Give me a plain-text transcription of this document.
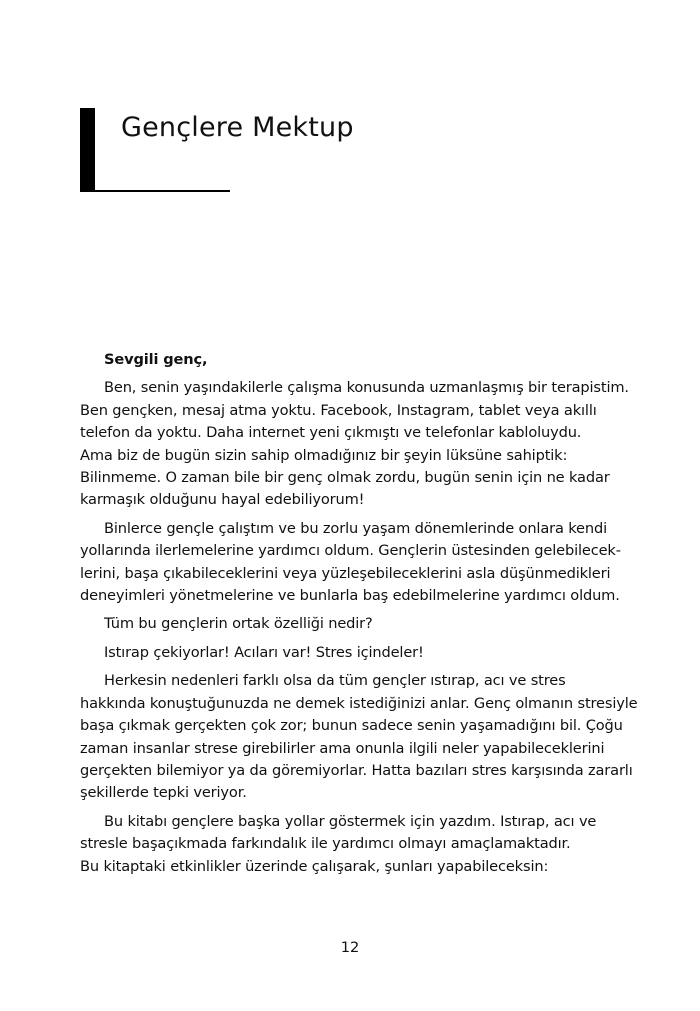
Gençlere Mektup

Sevgili genç,

Ben, senin yaşındakilerle çalışma konusunda uzmanlaşmış bir terapistim.
Ben gençken, mesaj atma yoktu. Facebook, Instagram, tablet veya akıllı
telefon da yoktu. Daha internet yeni çıkmıştı ve telefonlar kabloluydu.
Ama biz de bugün sizin sahip olmadığınız bir şeyin lüksüne sahiptik:
Bilinmeme. O zaman bile bir genç olmak zordu, bugün senin için ne kadar
karmaşık olduğunu hayal edebiliyorum!

Binlerce gençle çalıştım ve bu zorlu yaşam dönemlerinde onlara kendi
yollarında ilerlemelerine yardımcı oldum. Gençlerin üstesinden gelebilecek-
lerini, başa çıkabileceklerini veya yüzleşebileceklerini asla düşünmedikleri
deneyimleri yönetmelerine ve bunlarla baş edebilmelerine yardımcı oldum.

Tüm bu gençlerin ortak özelliği nedir?

Istırap çekiyorlar! Acıları var! Stres içindeler!

Herkesin nedenleri farklı olsa da tüm gençler ıstırap, acı ve stres
hakkında konuştuğunuzda ne demek istediğinizi anlar. Genç olmanın stresiyle
başa çıkmak gerçekten çok zor; bunun sadece senin yaşamadığını bil. Çoğu
zaman insanlar strese girebilirler ama onunla ilgili neler yapabileceklerini
gerçekten bilemiyor ya da göremiyorlar. Hatta bazıları stres karşısında zararlı
şekillerde tepki veriyor.

Bu kitabı gençlere başka yollar göstermek için yazdım. Istırap, acı ve
stresle başaçıkmada farkındalık ile yardımcı olmayı amaçlamaktadır.
Bu kitaptaki etkinlikler üzerinde çalışarak, şunları yapabileceksin:

12
